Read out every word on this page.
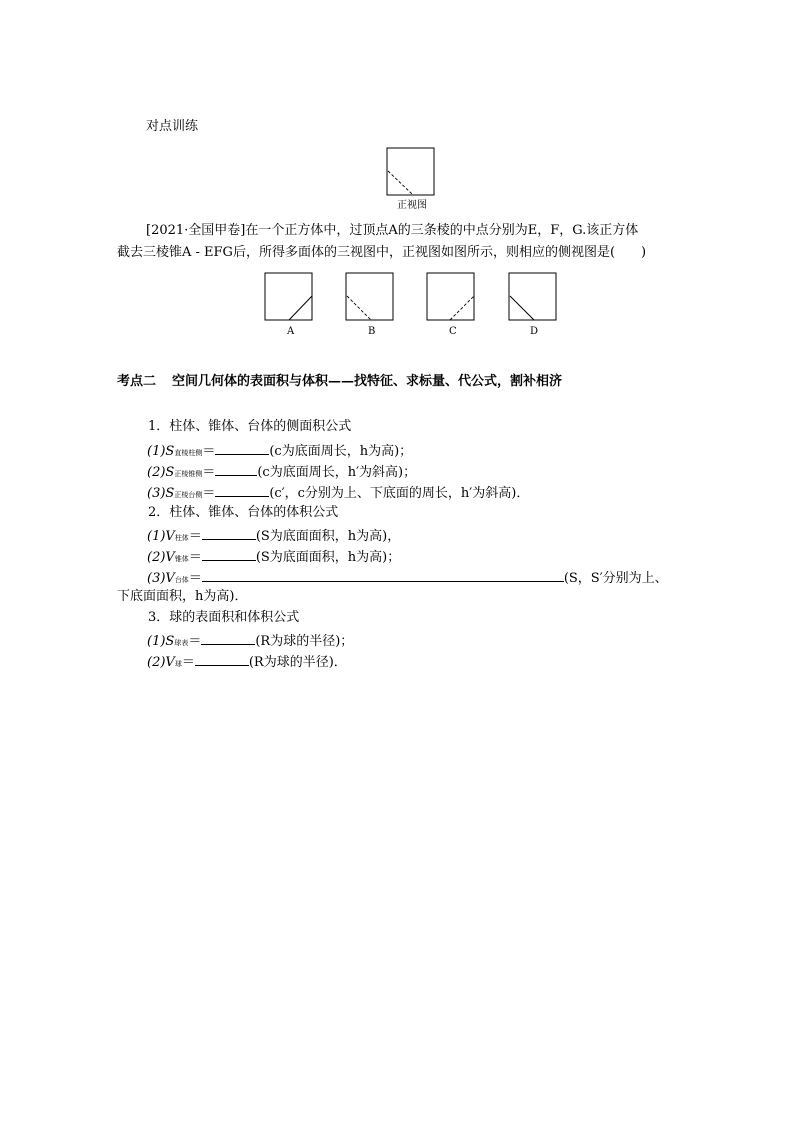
对点训练
正视图
[2021·全国甲卷]在一个正方体中，过顶点A的三条棱的中点分别为E，F，G.该正方体
截去三棱锥A - EFG后，所得多面体的三视图中，正视图如图所示，则相应的侧视图是(　　)
A	B	C	D
考点二 空间几何体的表面积与体积——找特征、求标量、代公式，割补相济
1．柱体、锥体、台体的侧面积公式
(1)S直棱柱侧＝	(c为底面周长，h为高)；
(2)S正棱锥侧＝	(c为底面周长，h′为斜高)；
(3)S正棱台侧＝	(c′，c分别为上、下底面的周长，h′为斜高)．
2．柱体、锥体、台体的体积公式
(1)V柱体＝	(S为底面面积，h为高)，
(2)V锥体＝	(S为底面面积，h为高)；
(3)V台体＝	(S，S′分别为上、
下底面面积，h为高)．
3．球的表面积和体积公式
(1)S球表＝	(R为球的半径)；
(2)V球＝	(R为球的半径)．
